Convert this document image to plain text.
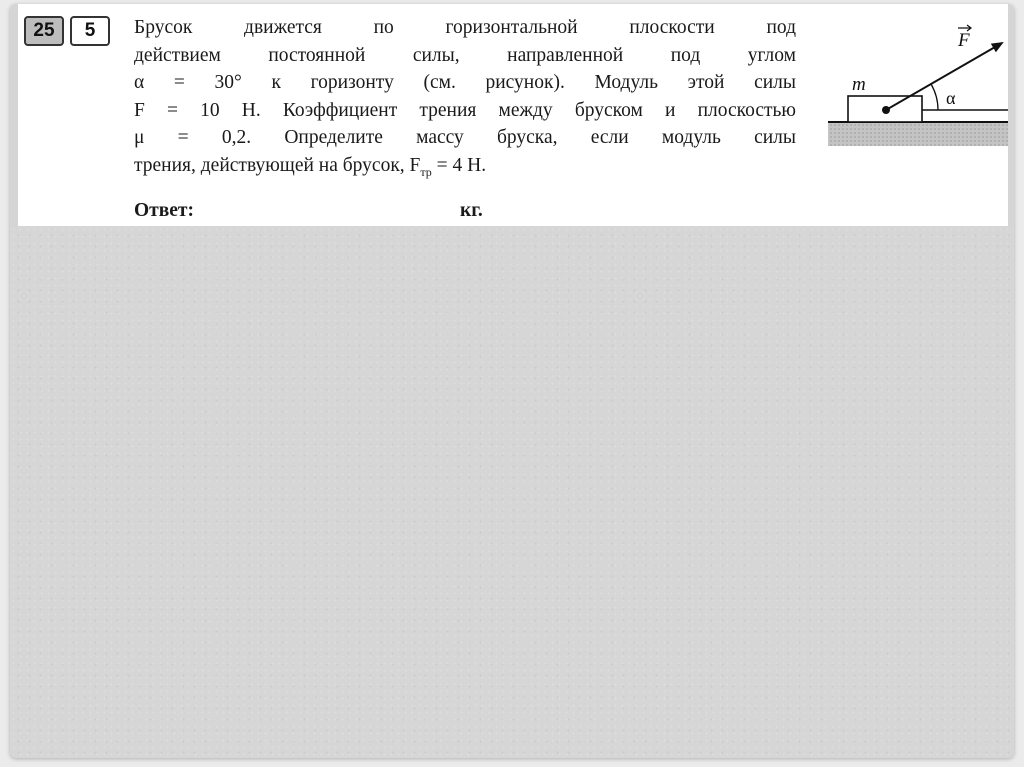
25	5	Брусок движется по горизонтальной плоскости под
действием постоянной силы, направленной под углом
α = 30° к горизонту (см. рисунок). Модуль этой силы
F = 10 Н. Коэффициент трения между бруском и плоскостью
μ = 0,2. Определите массу бруска, если модуль силы
трения, действующей на брусок, $F_{тр} = 4$ Н.
Ответ:	кг.
m
F
α
